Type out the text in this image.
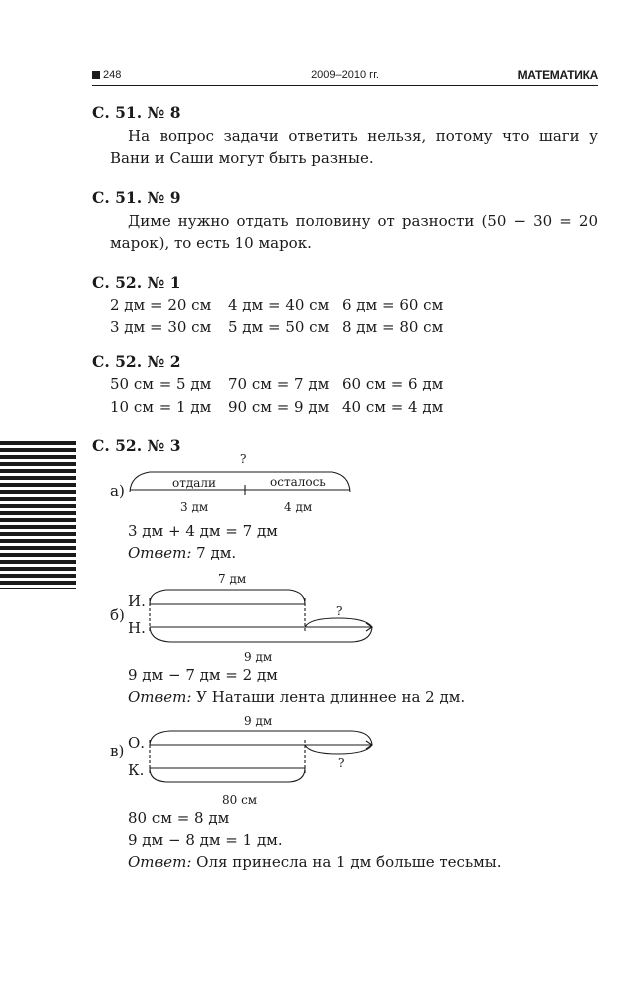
248	2009–2010 гг.	МАТЕМАТИКА
С. 51. № 8
На вопрос задачи ответить нельзя, потому что шаги у
Вани и Саши могут быть разные.
С. 51. № 9
Диме нужно отдать половину от разности (50 − 30 = 20
марок), то есть 10 марок.
С. 52. № 1
2 дм = 20 см 4 дм = 40 см 6 дм = 60 см
3 дм = 30 см 5 дм = 50 см 8 дм = 80 см
С. 52. № 2
50 см = 5 дм 70 см = 7 дм 60 см = 6 дм
10 см = 1 дм 90 см = 9 дм 40 см = 4 дм
С. 52. № 3
а)
?
отдали	осталось
3 дм	4 дм
3 дм + 4 дм = 7 дм
Ответ: 7 дм.
7 дм
И.
б)	?
Н.
9 дм
9 дм − 7 дм = 2 дм
Ответ: У Наташи лента длиннее на 2 дм.
9 дм
О.
в)
?
К.
80 см
80 см = 8 дм
9 дм − 8 дм = 1 дм.
Ответ: Оля принесла на 1 дм больше тесьмы.
